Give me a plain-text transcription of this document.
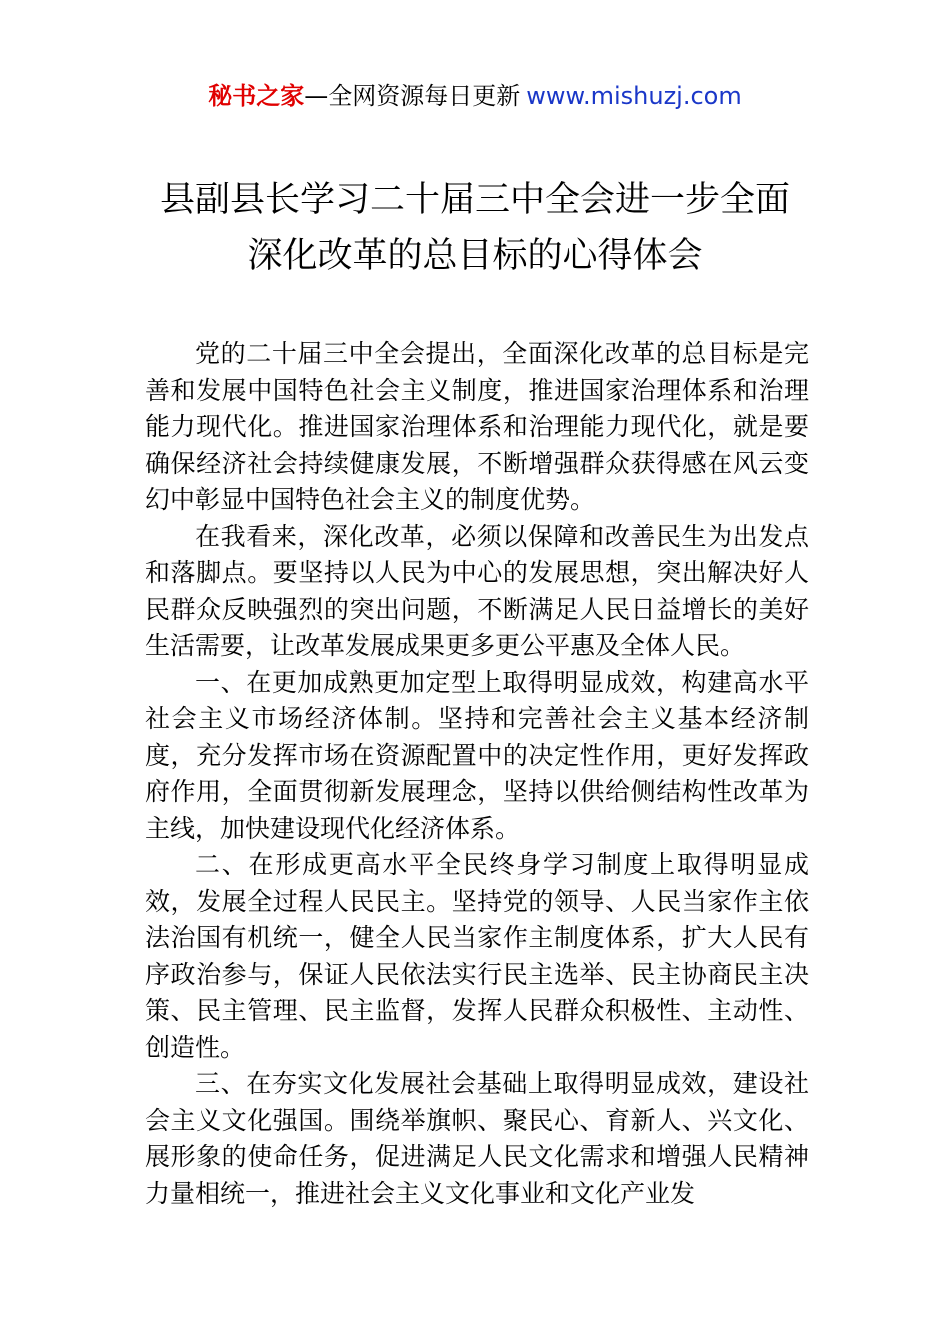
秘书之家—全网资源每日更新 www.mishuzj.com
县副县长学习二十届三中全会进一步全面
深化改革的总目标的心得体会

党的二十届三中全会提出，全面深化改革的总目标是完善和发展中国特色社会主义制度，推进国家治理体系和治理能力现代化。推进国家治理体系和治理能力现代化，就是要确保经济社会持续健康发展，不断增强群众获得感在风云变幻中彰显中国特色社会主义的制度优势。

在我看来，深化改革，必须以保障和改善民生为出发点和落脚点。要坚持以人民为中心的发展思想，突出解决好人民群众反映强烈的突出问题，不断满足人民日益增长的美好生活需要，让改革发展成果更多更公平惠及全体人民。

一、在更加成熟更加定型上取得明显成效，构建高水平社会主义市场经济体制。坚持和完善社会主义基本经济制度，充分发挥市场在资源配置中的决定性作用，更好发挥政府作用，全面贯彻新发展理念，坚持以供给侧结构性改革为主线，加快建设现代化经济体系。

二、在形成更高水平全民终身学习制度上取得明显成效，发展全过程人民民主。坚持党的领导、人民当家作主依法治国有机统一，健全人民当家作主制度体系，扩大人民有序政治参与，保证人民依法实行民主选举、民主协商民主决策、民主管理、民主监督，发挥人民群众积极性、主动性、创造性。

三、在夯实文化发展社会基础上取得明显成效，建设社会主义文化强国。围绕举旗帜、聚民心、育新人、兴文化、展形象的使命任务，促进满足人民文化需求和增强人民精神力量相统一，推进社会主义文化事业和文化产业发
